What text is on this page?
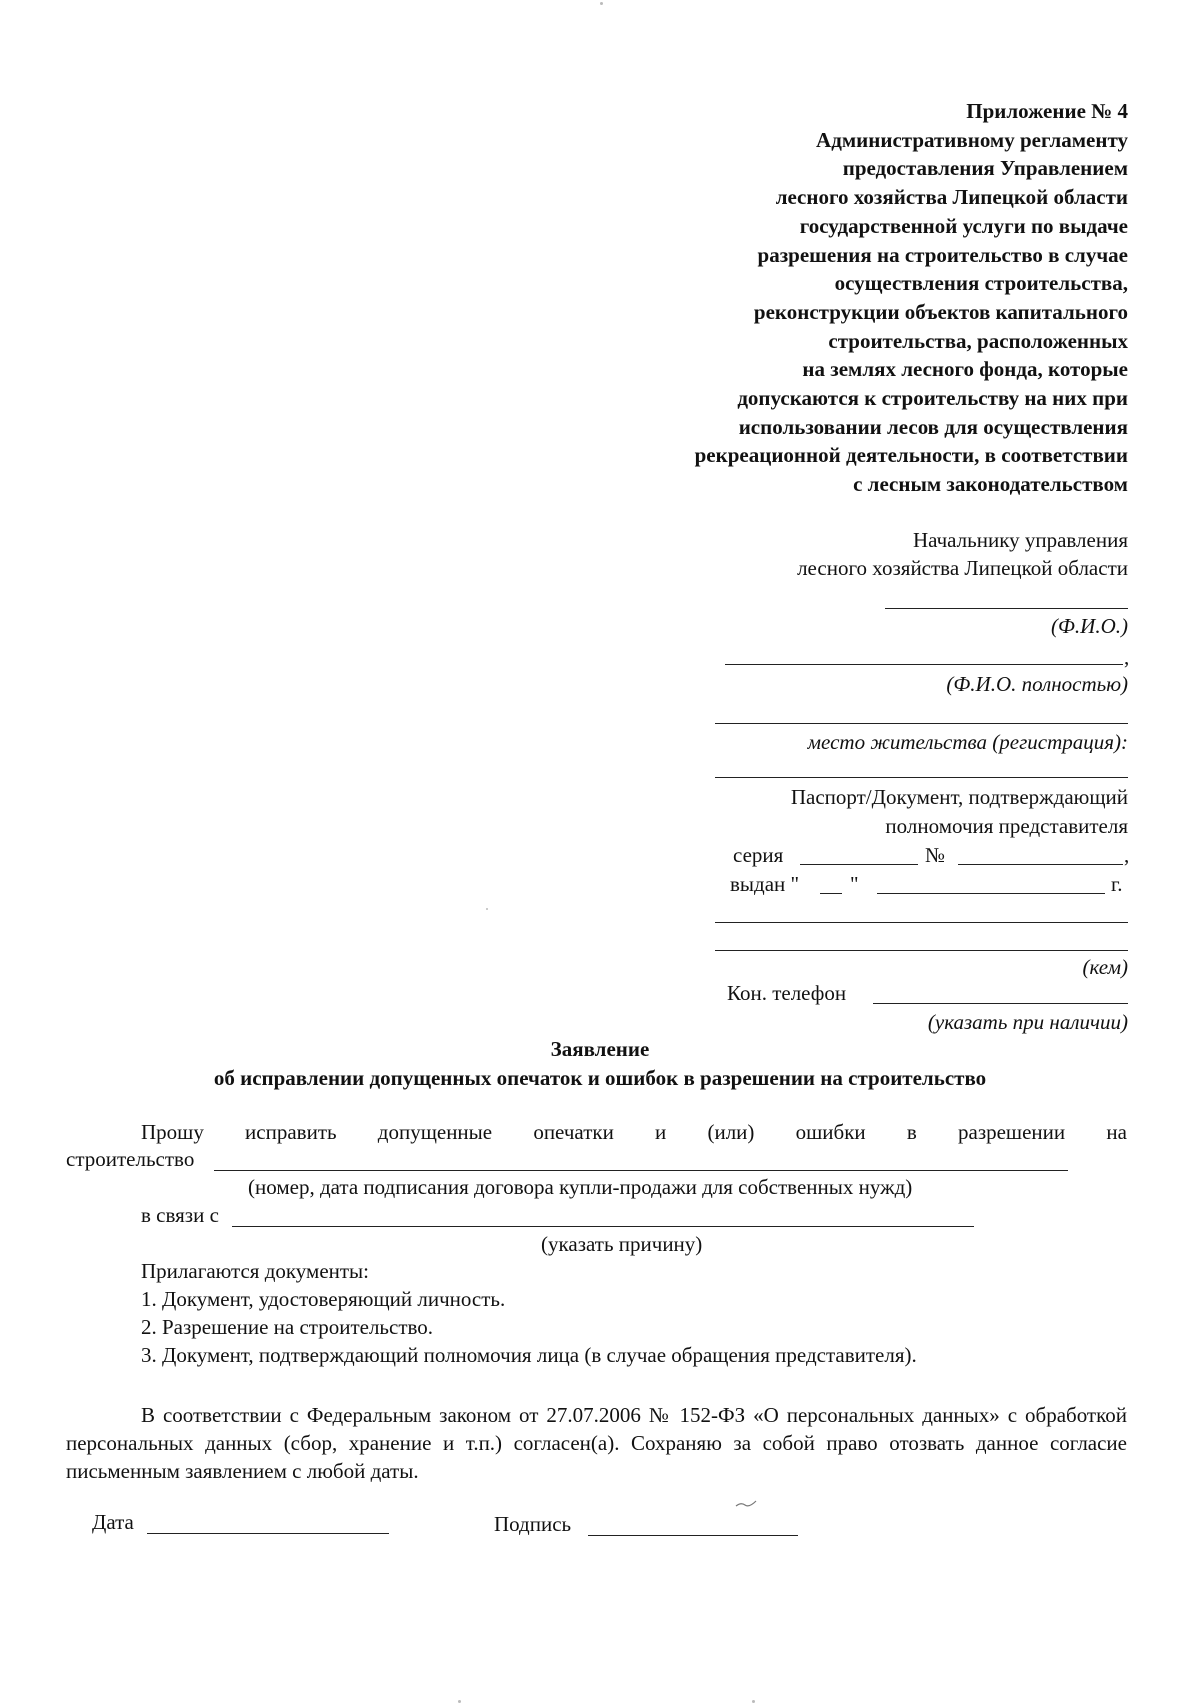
Приложение № 4
Административному регламенту
предоставления Управлением
лесного хозяйства Липецкой области
государственной услуги по выдаче
разрешения на строительство в случае
осуществления строительства,
реконструкции объектов капитального
строительства, расположенных
на землях лесного фонда, которые
допускаются к строительству на них при
использовании лесов для осуществления
рекреационной деятельности, в соответствии
с лесным законодательством
Начальнику управления
лесного хозяйства Липецкой области
(Ф.И.О.)
,
(Ф.И.О. полностью)
место жительства (регистрация):
Паспорт/Документ, подтверждающий
полномочия представителя
серия	№	,
выдан " "	г.
(кем)
Кон. телефон
(указать при наличии)
Заявление
об исправлении допущенных опечаток и ошибок в разрешении на строительство
Прошу исправить допущенные опечатки и (или) ошибки в разрешении на
строительство
(номер, дата подписания договора купли-продажи для собственных нужд)
в связи с
(указать причину)
Прилагаются документы:
1. Документ, удостоверяющий личность.
2. Разрешение на строительство.
3. Документ, подтверждающий полномочия лица (в случае обращения представителя).
В соответствии с Федеральным законом от 27.07.2006 № 152-ФЗ «О персональных данных» с обработкой персональных данных (сбор, хранение и т.п.) согласен(а). Сохраняю за собой право отозвать данное согласие письменным заявлением с любой даты.
Дата	Подпись
